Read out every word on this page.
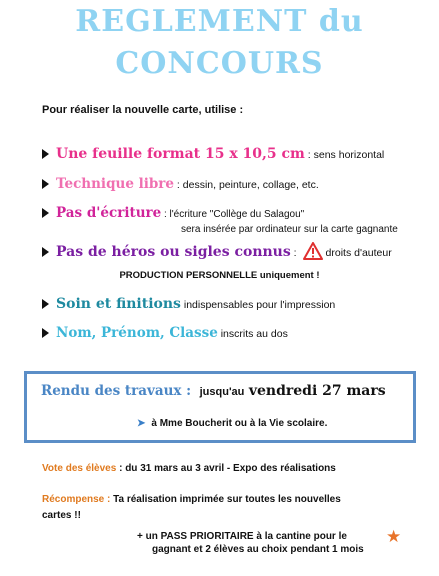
REGLEMENT du
CONCOURS
Pour réaliser la nouvelle carte, utilise :
Une feuille format 15 x 10,5 cm : sens horizontal
Technique libre : dessin, peinture, collage, etc.
Pas d'écriture : l'écriture "Collège du Salagou"
sera insérée par ordinateur sur la carte gagnante
Pas de héros ou sigles connus :	droits d'auteur
PRODUCTION PERSONNELLE uniquement !
Soin et finitions indispensables pour l'impression
Nom, Prénom, Classe inscrits au dos
Rendu des travaux : jusqu'au vendredi 27 mars
➤ à Mme Boucherit ou à la Vie scolaire.
Vote des élèves : du 31 mars au 3 avril - Expo des réalisations
Récompense : Ta réalisation imprimée sur toutes les nouvelles
cartes !!
+ un PASS PRIORITAIRE à la cantine pour le
gagnant et 2 élèves au choix pendant 1 mois
★
